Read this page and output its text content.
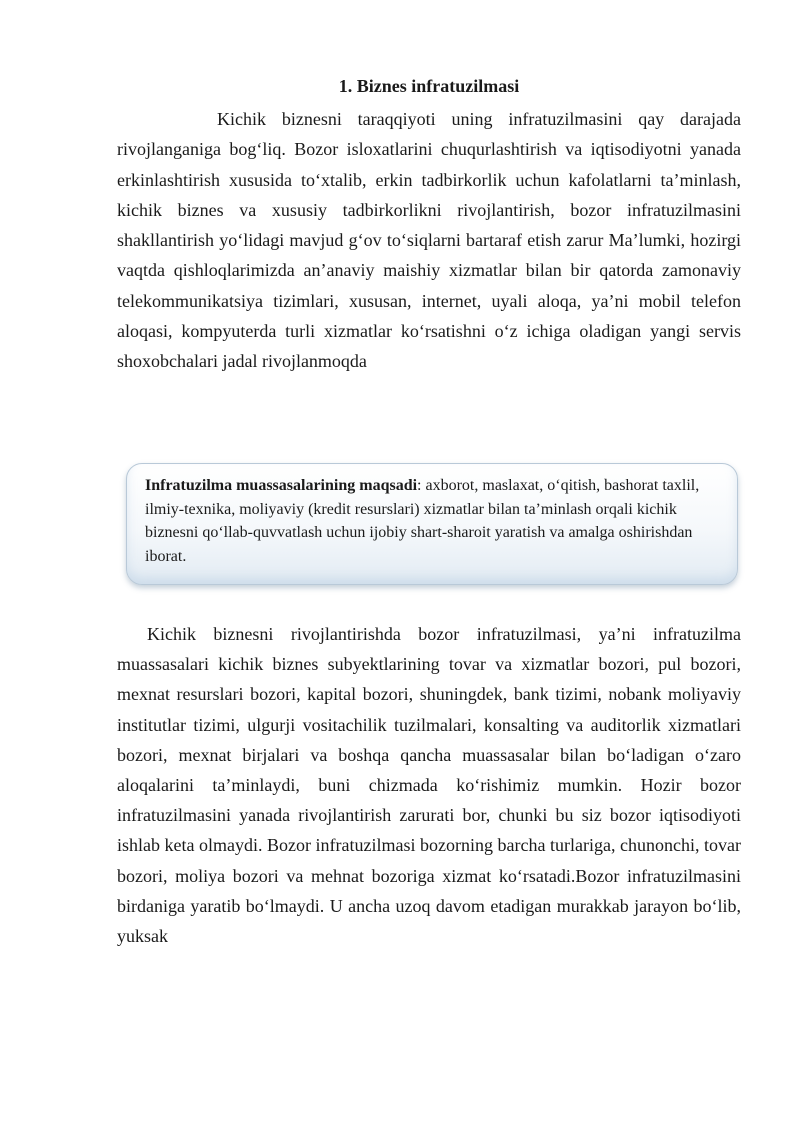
1. Biznes infratuzilmasi

Kichik biznesni taraqqiyoti uning infratuzilmasini qay darajada rivojlanganiga bog‘liq. Bozor isloxatlarini chuqurlashtirish va iqtisodiyotni yanada erkinlashtirish xususida to‘xtalib, erkin tadbirkorlik uchun kafolatlarni ta’minlash, kichik biznes va xususiy tadbirkorlikni rivojlantirish, bozor infratuzilmasini shakllantirish yo‘lidagi mavjud g‘ov to‘siqlarni bartaraf etish zarur Ma’lumki, hozirgi vaqtda qishloqlarimizda an’anaviy maishiy xizmatlar bilan bir qatorda zamonaviy telekommunikatsiya tizimlari, xususan, internet, uyali aloqa, ya’ni mobil telefon aloqasi, kompyuterda turli xizmatlar ko‘rsatishni o‘z ichiga oladigan yangi servis shoxobchalari jadal rivojlanmoqda

Infratuzilma muassasalarining maqsadi: axborot, maslaxat, o‘qitish, bashorat taxlil, ilmiy-texnika, moliyaviy (kredit resurslari) xizmatlar bilan ta’minlash orqali kichik biznesni qo‘llab-quvvatlash uchun ijobiy shart-sharoit yaratish va amalga oshirishdan iborat.

Kichik biznesni rivojlantirishda bozor infratuzilmasi, ya’ni infratuzilma muassasalari kichik biznes subyektlarining tovar va xizmatlar bozori, pul bozori, mexnat resurslari bozori, kapital bozori, shuningdek, bank tizimi, nobank moliyaviy institutlar tizimi, ulgurji vositachilik tuzilmalari, konsalting va auditorlik xizmatlari bozori, mexnat birjalari va boshqa qancha muassasalar bilan bo‘ladigan o‘zaro aloqalarini ta’minlaydi, buni chizmada ko‘rishimiz mumkin. Hozir bozor infratuzilmasini yanada rivojlantirish zarurati bor, chunki bu siz bozor iqtisodiyoti ishlab keta olmaydi. Bozor infratuzilmasi bozorning barcha turlariga, chunonchi, tovar bozori, moliya bozori va mehnat bozoriga xizmat ko‘rsatadi.Bozor infratuzilmasini birdaniga yaratib bo‘lmaydi. U ancha uzoq davom etadigan murakkab jarayon bo‘lib, yuksak
